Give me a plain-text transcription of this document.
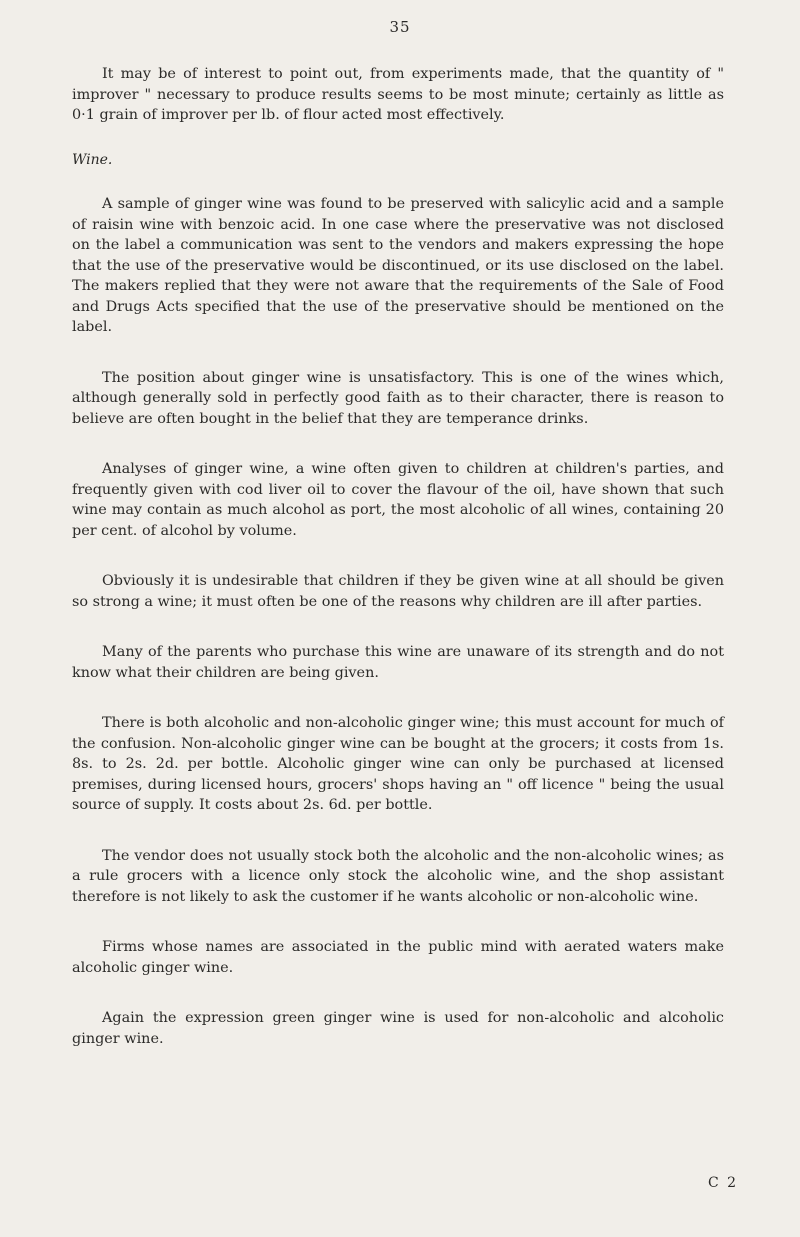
35

It may be of interest to point out, from experiments made, that the quantity of " improver " necessary to produce results seems to be most minute; certainly as little as 0·1 grain of improver per lb. of flour acted most effectively.

Wine.

A sample of ginger wine was found to be preserved with salicylic acid and a sample of raisin wine with benzoic acid. In one case where the preservative was not disclosed on the label a communication was sent to the vendors and makers expressing the hope that the use of the preservative would be discontinued, or its use disclosed on the label. The makers replied that they were not aware that the requirements of the Sale of Food and Drugs Acts specified that the use of the preservative should be mentioned on the label.

The position about ginger wine is unsatisfactory. This is one of the wines which, although generally sold in perfectly good faith as to their character, there is reason to believe are often bought in the belief that they are temperance drinks.

Analyses of ginger wine, a wine often given to children at children's parties, and frequently given with cod liver oil to cover the flavour of the oil, have shown that such wine may contain as much alcohol as port, the most alcoholic of all wines, containing 20 per cent. of alcohol by volume.

Obviously it is undesirable that children if they be given wine at all should be given so strong a wine; it must often be one of the reasons why children are ill after parties.

Many of the parents who purchase this wine are unaware of its strength and do not know what their children are being given.

There is both alcoholic and non-alcoholic ginger wine; this must account for much of the confusion. Non-alcoholic ginger wine can be bought at the grocers; it costs from 1s. 8s. to 2s. 2d. per bottle. Alcoholic ginger wine can only be purchased at licensed premises, during licensed hours, grocers' shops having an " off licence " being the usual source of supply. It costs about 2s. 6d. per bottle.

The vendor does not usually stock both the alcoholic and the non-alcoholic wines; as a rule grocers with a licence only stock the alcoholic wine, and the shop assistant therefore is not likely to ask the customer if he wants alcoholic or non-alcoholic wine.

Firms whose names are associated in the public mind with aerated waters make alcoholic ginger wine.

Again the expression green ginger wine is used for non-alcoholic and alcoholic ginger wine.

C 2
